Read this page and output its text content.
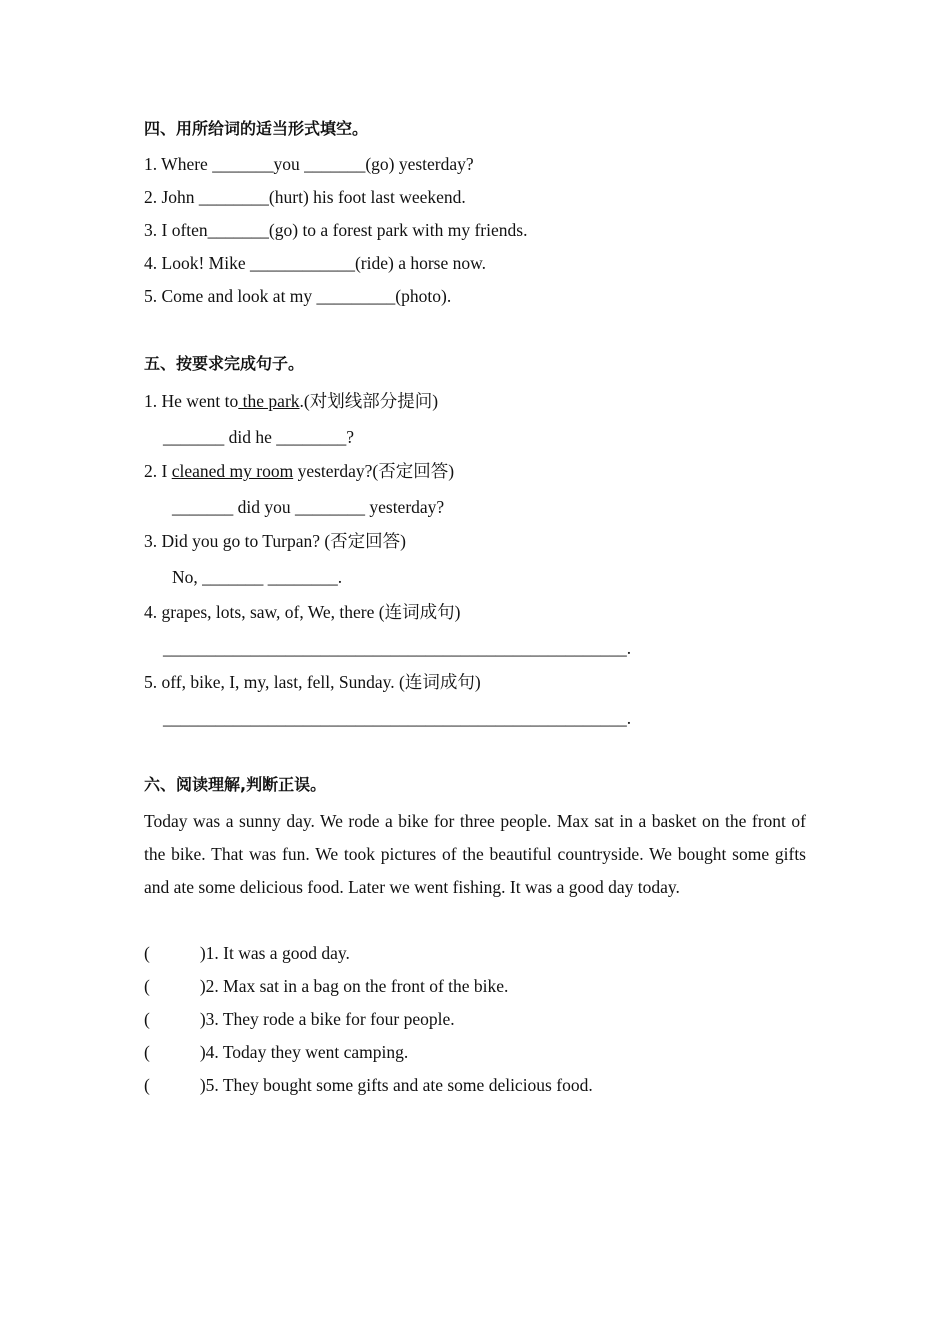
四、用所给词的适当形式填空。
1. Where _______you _______(go) yesterday?
2. John ________(hurt) his foot last weekend.
3. I often_______(go) to a forest park with my friends.
4. Look! Mike ____________(ride) a horse now.
5. Come and look at my _________(photo).
五、按要求完成句子。
1. He went to the park.(对划线部分提问)
_______ did he ________?
2. I cleaned my room yesterday?(否定回答)
_______ did you ________ yesterday?
3. Did you go to Turpan? (否定回答)
No, _______ ________.
4. grapes, lots, saw, of, We, there (连词成句)
_____________________________________________________.
5. off, bike, I, my, last, fell, Sunday. (连词成句)
_____________________________________________________.
六、阅读理解,判断正误。
Today was a sunny day. We rode a bike for three people. Max sat in a basket on the front of the bike. That was fun. We took pictures of the beautiful countryside. We bought some gifts and ate some delicious food. Later we went fishing. It was a good day today.
(	)1. It was a good day.
(	)2. Max sat in a bag on the front of the bike.
(	)3. They rode a bike for four people.
(	)4. Today they went camping.
(	)5. They bought some gifts and ate some delicious food.
